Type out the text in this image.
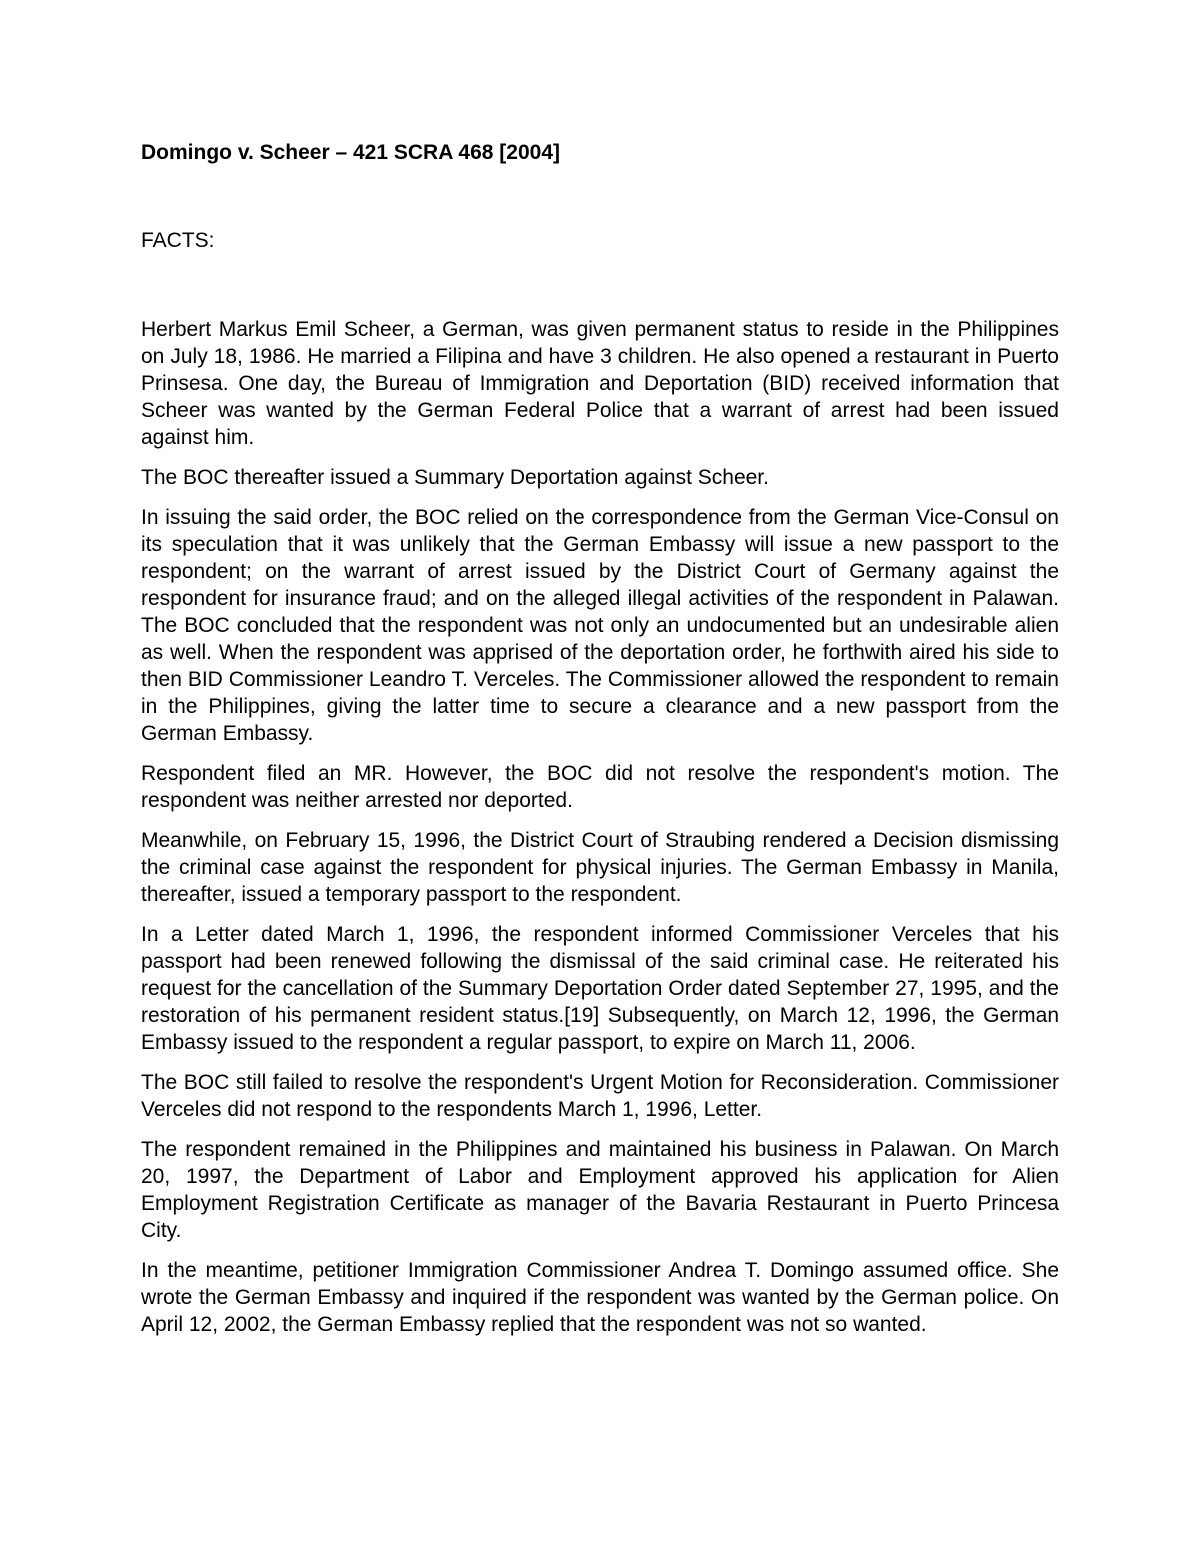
Domingo v. Scheer – 421 SCRA 468 [2004]
FACTS:

Herbert Markus Emil Scheer, a German, was given permanent status to reside in the Philippines on July 18, 1986. He married a Filipina and have 3 children. He also opened a restaurant in Puerto Prinsesa. One day, the Bureau of Immigration and Deportation (BID) received information that Scheer was wanted by the German Federal Police that a warrant of arrest had been issued against him.

The BOC thereafter issued a Summary Deportation against Scheer.

In issuing the said order, the BOC relied on the correspondence from the German Vice-Consul on its speculation that it was unlikely that the German Embassy will issue a new passport to the respondent; on the warrant of arrest issued by the District Court of Germany against the respondent for insurance fraud; and on the alleged illegal activities of the respondent in Palawan. The BOC concluded that the respondent was not only an undocumented but an undesirable alien as well. When the respondent was apprised of the deportation order, he forthwith aired his side to then BID Commissioner Leandro T. Verceles. The Commissioner allowed the respondent to remain in the Philippines, giving the latter time to secure a clearance and a new passport from the German Embassy.

Respondent filed an MR. However, the BOC did not resolve the respondent's motion. The respondent was neither arrested nor deported.

Meanwhile, on February 15, 1996, the District Court of Straubing rendered a Decision dismissing the criminal case against the respondent for physical injuries. The German Embassy in Manila, thereafter, issued a temporary passport to the respondent.

In a Letter dated March 1, 1996, the respondent informed Commissioner Verceles that his passport had been renewed following the dismissal of the said criminal case. He reiterated his request for the cancellation of the Summary Deportation Order dated September 27, 1995, and the restoration of his permanent resident status.[19] Subsequently, on March 12, 1996, the German Embassy issued to the respondent a regular passport, to expire on March 11, 2006.

The BOC still failed to resolve the respondent's Urgent Motion for Reconsideration. Commissioner Verceles did not respond to the respondents March 1, 1996, Letter.

The respondent remained in the Philippines and maintained his business in Palawan. On March 20, 1997, the Department of Labor and Employment approved his application for Alien Employment Registration Certificate as manager of the Bavaria Restaurant in Puerto Princesa City.

In the meantime, petitioner Immigration Commissioner Andrea T. Domingo assumed office. She wrote the German Embassy and inquired if the respondent was wanted by the German police. On April 12, 2002, the German Embassy replied that the respondent was not so wanted.
